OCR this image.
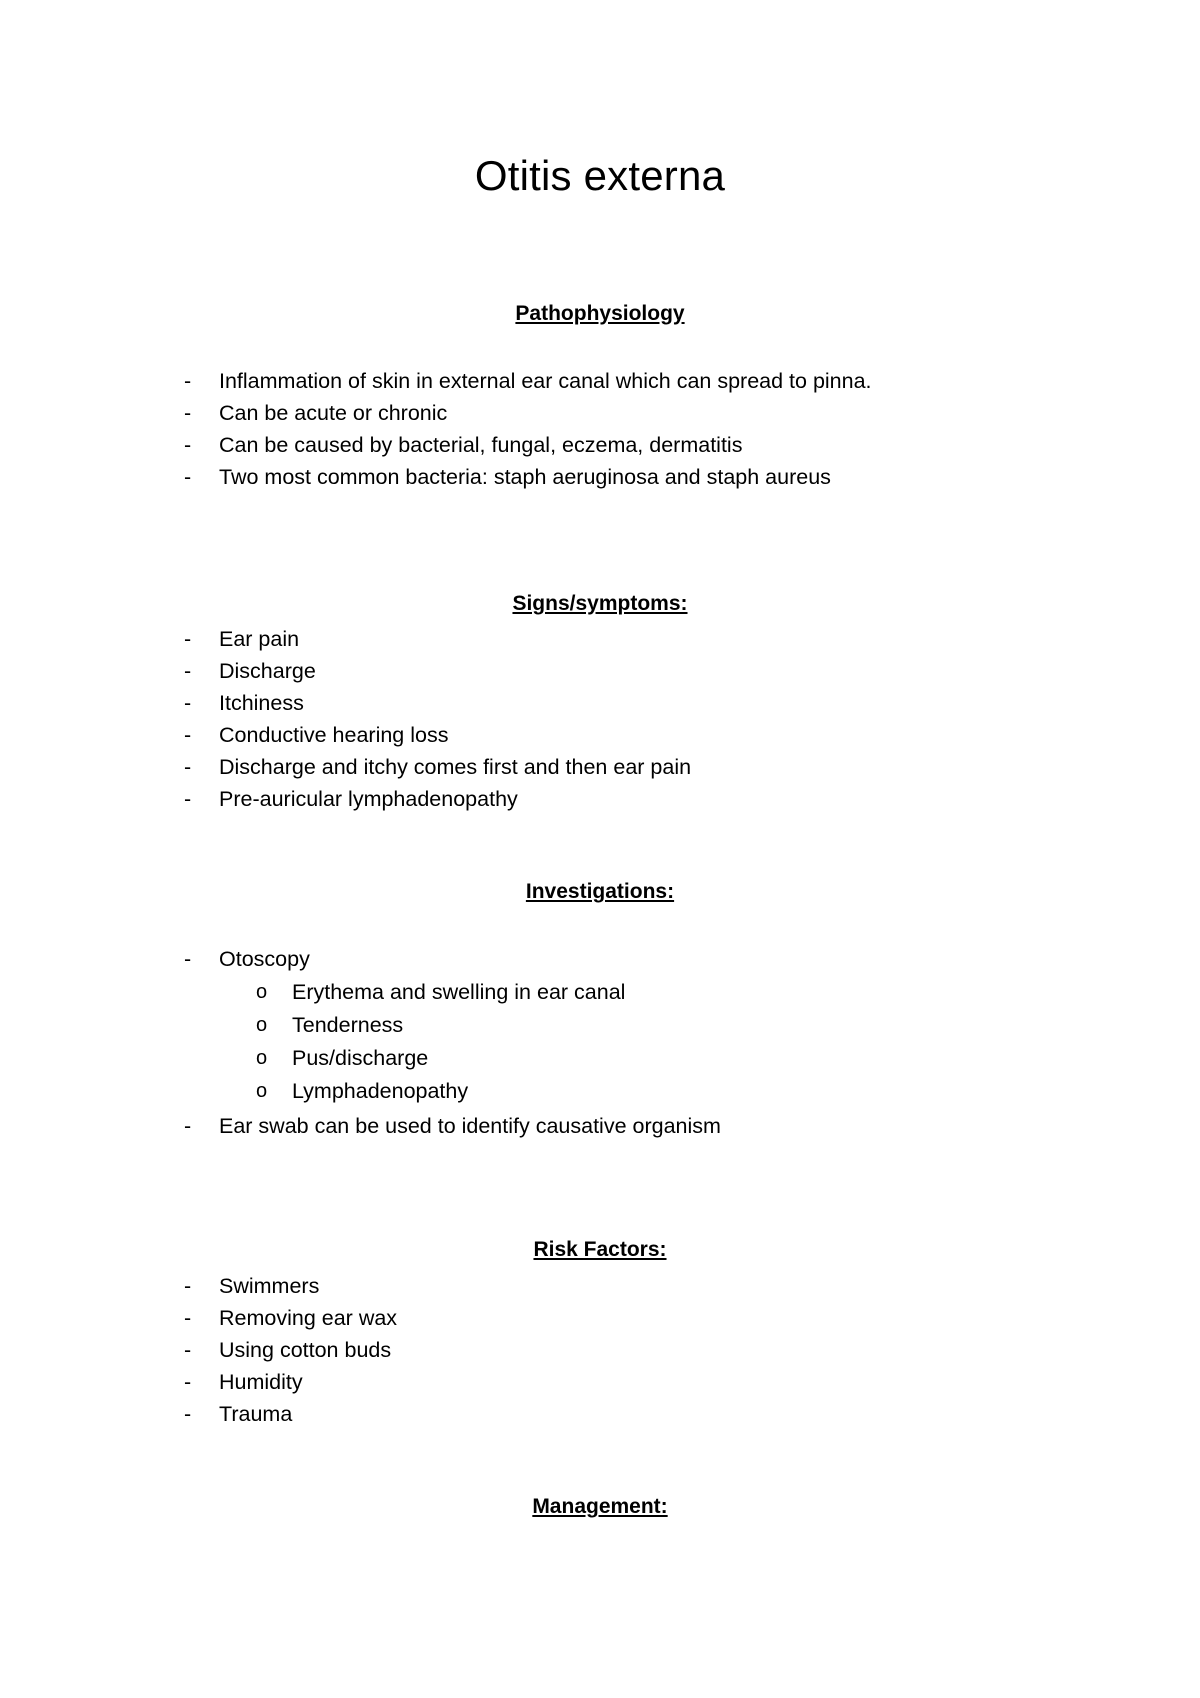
Otitis externa
Pathophysiology
- Inflammation of skin in external ear canal which can spread to pinna.
- Can be acute or chronic
- Can be caused by bacterial, fungal, eczema, dermatitis
- Two most common bacteria: staph aeruginosa and staph aureus
Signs/symptoms:
- Ear pain
- Discharge
- Itchiness
- Conductive hearing loss
- Discharge and itchy comes first and then ear pain
- Pre-auricular lymphadenopathy
Investigations:
- Otoscopy
o Erythema and swelling in ear canal
o Tenderness
o Pus/discharge
o Lymphadenopathy
- Ear swab can be used to identify causative organism
Risk Factors:
- Swimmers
- Removing ear wax
- Using cotton buds
- Humidity
- Trauma
Management:
